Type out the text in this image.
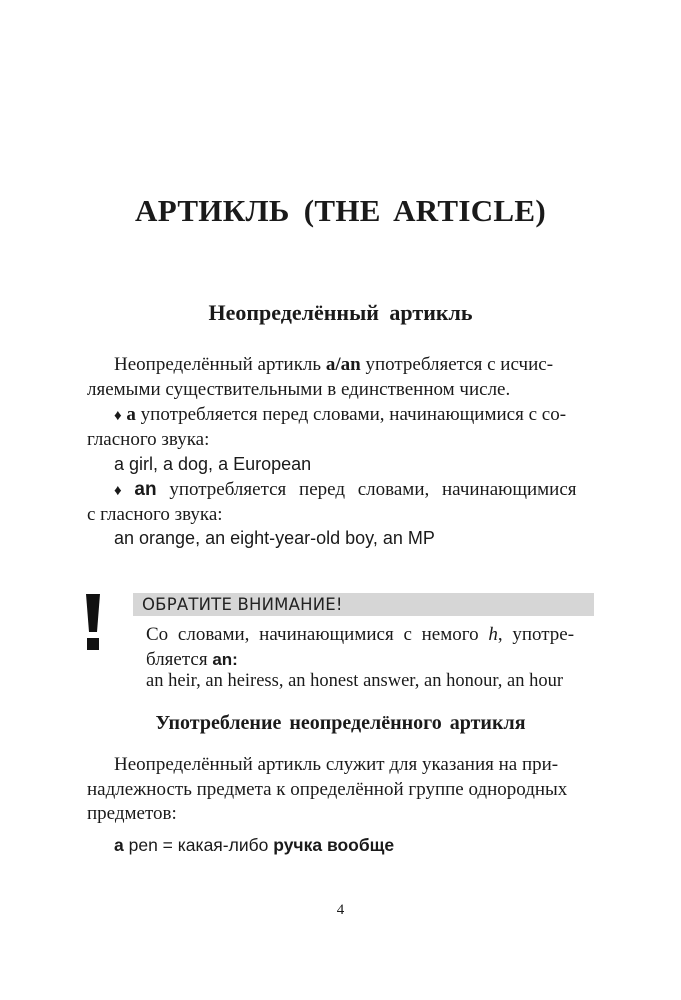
АРТИКЛЬ (THE ARTICLE)
Неопределённый артикль
Неопределённый артикль a/an употребляется с исчис-
ляемыми существительными в единственном числе.
♦ a употребляется перед словами, начинающимися с со-
гласного звука:
a girl, a dog, a European
♦ an употребляется перед словами, начинающимися
с гласного звука:
an orange, an eight-year-old boy, an MP
ОБРАТИТЕ ВНИМАНИЕ!
Со словами, начинающимися с немого h, употре-
бляется an:
an heir, an heiress, an honest answer, an honour, an hour
Употребление неопределённого артикля
Неопределённый артикль служит для указания на при-
надлежность предмета к определённой группе однородных
предметов:
a pen = какая-либо ручка вообще
4
